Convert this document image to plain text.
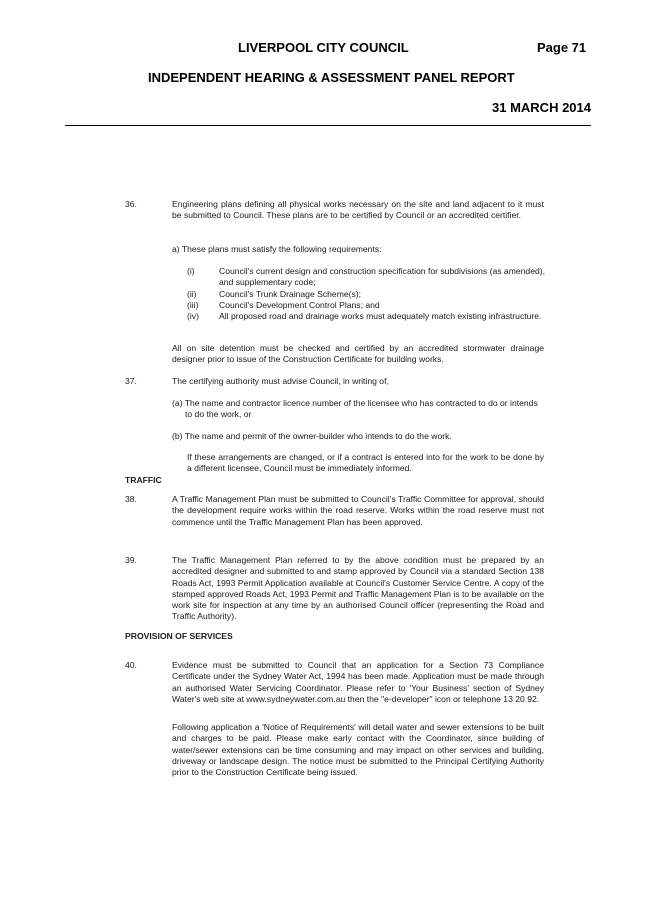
LIVERPOOL CITY COUNCIL	Page 71
INDEPENDENT HEARING & ASSESSMENT PANEL REPORT
31 MARCH 2014
36.	Engineering plans defining all physical works necessary on the site and land adjacent to it must be submitted to Council. These plans are to be certified by Council or an accredited certifier.
a) These plans must satisfy the following requirements:
(i)	Council's current design and construction specification for subdivisions (as amended), and supplementary code;
(ii)	Council's Trunk Drainage Scheme(s);
(iii) Council's Development Control Plans; and
(iv) All proposed road and drainage works must adequately match existing infrastructure.
All on site detention must be checked and certified by an accredited stormwater drainage designer prior to issue of the Construction Certificate for building works.
37.	The certifying authority must advise Council, in writing of,
(a) The name and contractor licence number of the licensee who has contracted to do or intends to do the work, or
(b) The name and permit of the owner-builder who intends to do the work.
If these arrangements are changed, or if a contract is entered into for the work to be done by a different licensee, Council must be immediately informed.
TRAFFIC
38.	A Traffic Management Plan must be submitted to Council's Traffic Committee for approval, should the development require works within the road reserve. Works within the road reserve must not commence until the Traffic Management Plan has been approved.
39.	The Traffic Management Plan referred to by the above condition must be prepared by an accredited designer and submitted to and stamp approved by Council via a standard Section 138 Roads Act, 1993 Permit Application available at Council's Customer Service Centre. A copy of the stamped approved Roads Act, 1993 Permit and Traffic Management Plan is to be available on the work site for inspection at any time by an authorised Council officer (representing the Road and Traffic Authority).
PROVISION OF SERVICES
40.	Evidence must be submitted to Council that an application for a Section 73 Compliance Certificate under the Sydney Water Act, 1994 has been made. Application must be made through an authorised Water Servicing Coordinator. Please refer to 'Your Business' section of Sydney Water's web site at www.sydneywater.com.au then the "e-developer" icon or telephone 13 20 92.
Following application a 'Notice of Requirements' will detail water and sewer extensions to be built and charges to be paid. Please make early contact with the Coordinator, since building of water/sewer extensions can be time consuming and may impact on other services and building, driveway or landscape design. The notice must be submitted to the Principal Certifying Authority prior to the Construction Certificate being issued.
